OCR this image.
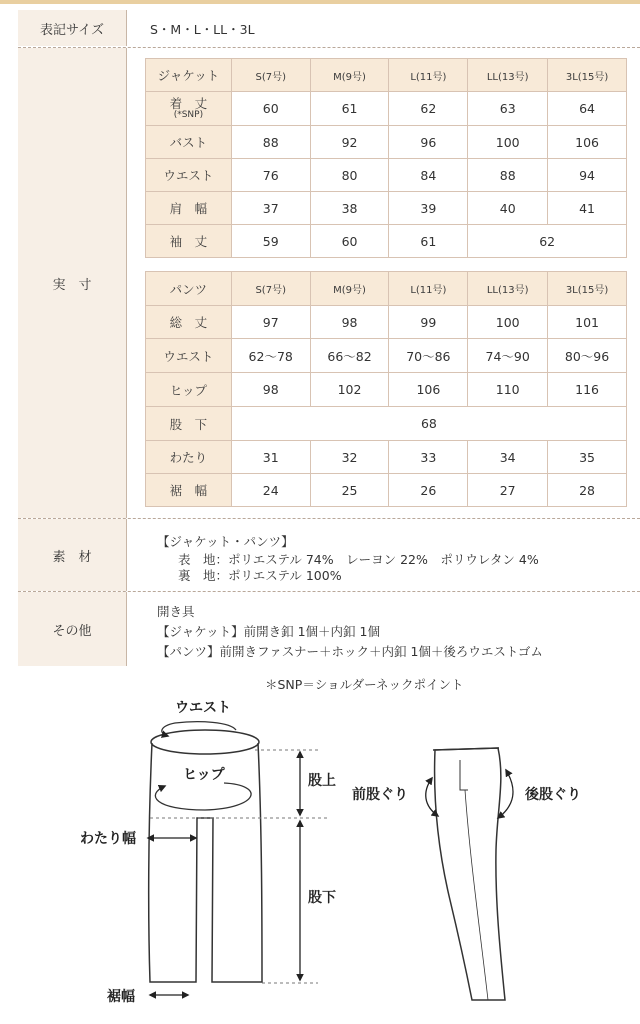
表記サイズ	S・M・L・LL・3L
実　寸
ジャケット	S(7号)	M(9号)	L(11号)	LL(13号)	3L(15号)

着　丈
(*SNP)	60	61	62	63	64
バスト	88	92	96	100	106
ウエスト	76	80	84	88	94
肩　幅	37	38	39	40	41
袖　丈	59	60	61	62	
パンツ	S(7号)	M(9号)	L(11号)	LL(13号)	3L(15号)
総　丈	97	98	99	100	101
ウエスト	62〜78	66〜82	70〜86	74〜90	80〜96
ヒップ	98	102	106	110	116
股　下	68				
わたり	31	32	33	34	35
裾　幅	24	25	26	27	28
素　材
【ジャケット・パンツ】
表　地：ポリエステル 74%　レーヨン 22%　ポリウレタン 4%
裏　地：ポリエステル 100%
その他
開き具
【ジャケット】前開き釦 1個＋内釦 1個
【パンツ】前開きファスナー＋ホック＋内釦 1個＋後ろウエストゴム
＊SNP＝ショルダーネックポイント
ウエスト
ヒップ	股上
わたり幅
股下
裾幅
前股ぐり	後股ぐり
